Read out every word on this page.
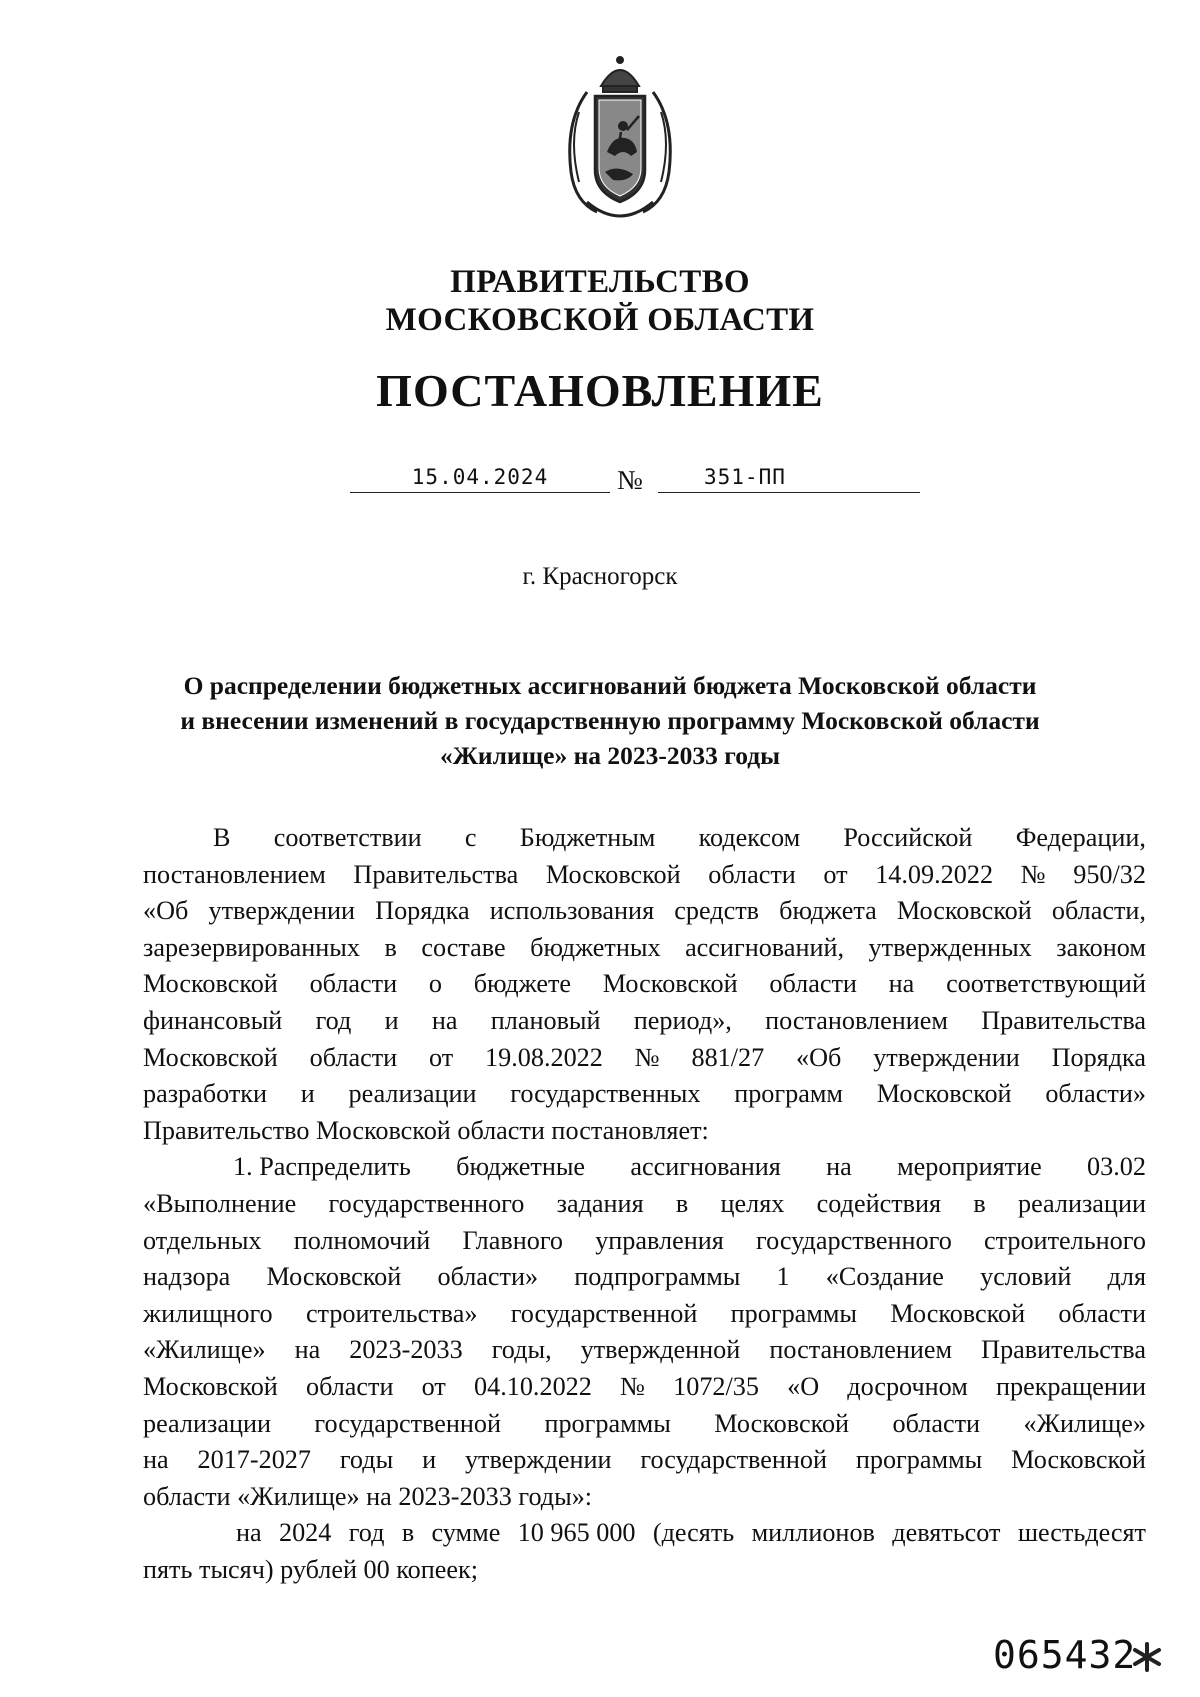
ПРАВИТЕЛЬСТВО
МОСКОВСКОЙ ОБЛАСТИ
ПОСТАНОВЛЕНИЕ
15.04.2024	№	351-ПП
г. Красногорск
О распределении бюджетных ассигнований бюджета Московской области
и внесении изменений в государственную программу Московской области
«Жилище» на 2023-2033 годы
В соответствии с Бюджетным кодексом Российской Федерации,
постановлением Правительства Московской области от 14.09.2022 № 950/32
«Об утверждении Порядка использования средств бюджета Московской области,
зарезервированных в составе бюджетных ассигнований, утвержденных законом
Московской области о бюджете Московской области на соответствующий
финансовый год и на плановый период», постановлением Правительства
Московской области от 19.08.2022 № 881/27 «Об утверждении Порядка
разработки и реализации государственных программ Московской области»
Правительство Московской области постановляет:
1. Распределить бюджетные ассигнования на мероприятие 03.02
«Выполнение государственного задания в целях содействия в реализации
отдельных полномочий Главного управления государственного строительного
надзора Московской области» подпрограммы 1 «Создание условий для
жилищного строительства» государственной программы Московской области
«Жилище» на 2023-2033 годы, утвержденной постановлением Правительства
Московской области от 04.10.2022 № 1072/35 «О досрочном прекращении
реализации государственной программы Московской области «Жилище»
на 2017-2027 годы и утверждении государственной программы Московской
области «Жилище» на 2023-2033 годы»:
на 2024 год в сумме 10 965 000 (десять миллионов девятьсот шестьдесят
пять тысяч) рублей 00 копеек;
065432
